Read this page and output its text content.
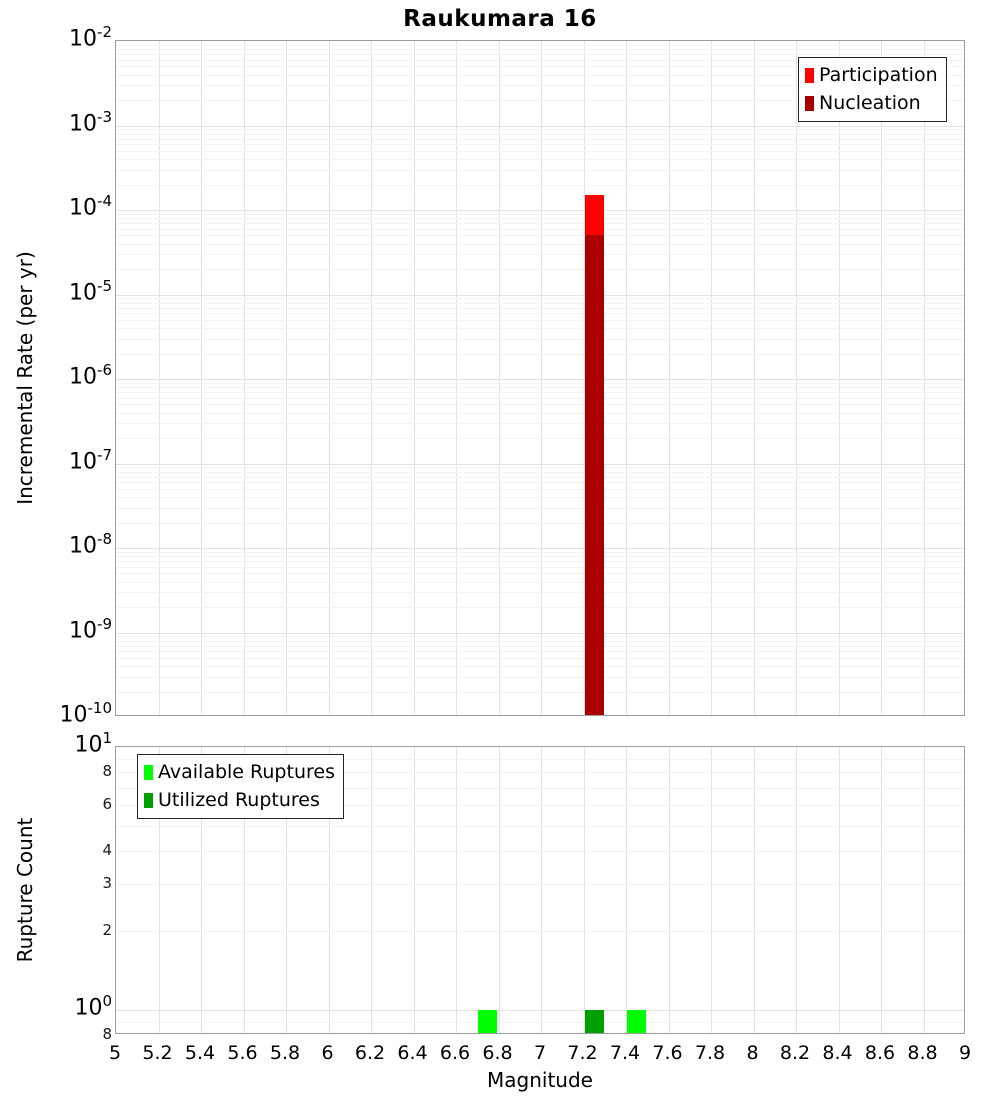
Raukumara 16
Incremental Rate (per yr)
Rupture Count
Magnitude
Participation
Nucleation
Available Ruptures
Utilized Ruptures
$10^{-2}$
$10^{-3}$
$10^{-4}$
$10^{-5}$
$10^{-6}$
$10^{-7}$
$10^{-8}$
$10^{-9}$
$10^{-10}$
$10^1$
8
6
4
3
2
$10^0$
8
5 5.2 5.4 5.6 5.8 6 6.2 6.4 6.6 6.8 7 7.2 7.4 7.6 7.8 8 8.2 8.4 8.6 8.8 9
